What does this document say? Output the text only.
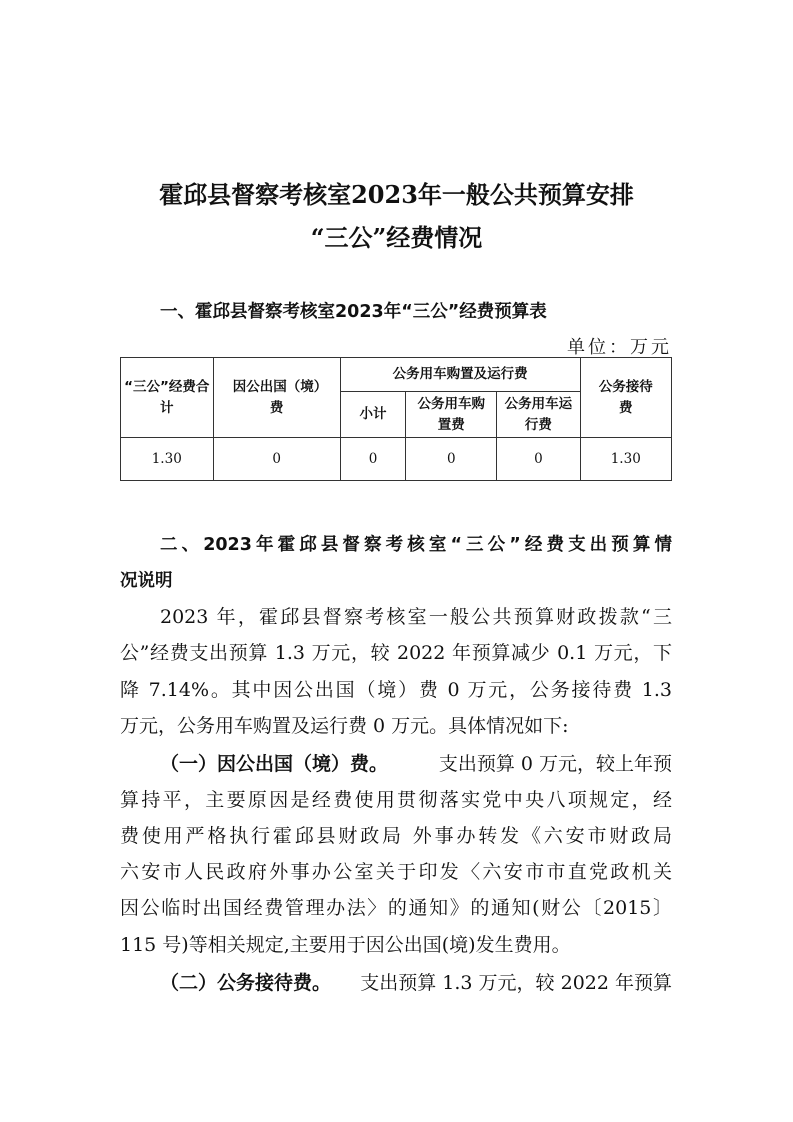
霍邱县督察考核室2023年一般公共预算安排
“三公”经费情况
一、霍邱县督察考核室2023年“三公”经费预算表
单位：万元
“三公”经费合计	因公出国（境）费	公务用车购置及运行费			公务接待费
		小计	公务用车购置费	公务用车运行费	
1.30	0	0	0	0	1.30
二、2023年霍邱县督察考核室“三公”经费支出预算情
况说明
2023 年，霍邱县督察考核室一般公共预算财政拨款“三
公”经费支出预算 1.3 万元，较 2022 年预算减少 0.1 万元，下
降 7.14%。其中因公出国（境）费 0 万元，公务接待费 1.3
万元，公务用车购置及运行费 0 万元。具体情况如下:
（一）因公出国（境）费。	支出预算 0 万元，较上年预
算持平，主要原因是经费使用贯彻落实党中央八项规定，经
费使用严格执行霍邱县财政局 外事办转发《六安市财政局
六安市人民政府外事办公室关于印发〈六安市市直党政机关
因公临时出国经费管理办法〉的通知》的通知(财公〔2015〕
115 号)等相关规定,主要用于因公出国(境)发生费用。
（二）公务接待费。 支出预算 1.3 万元，较 2022 年预算
